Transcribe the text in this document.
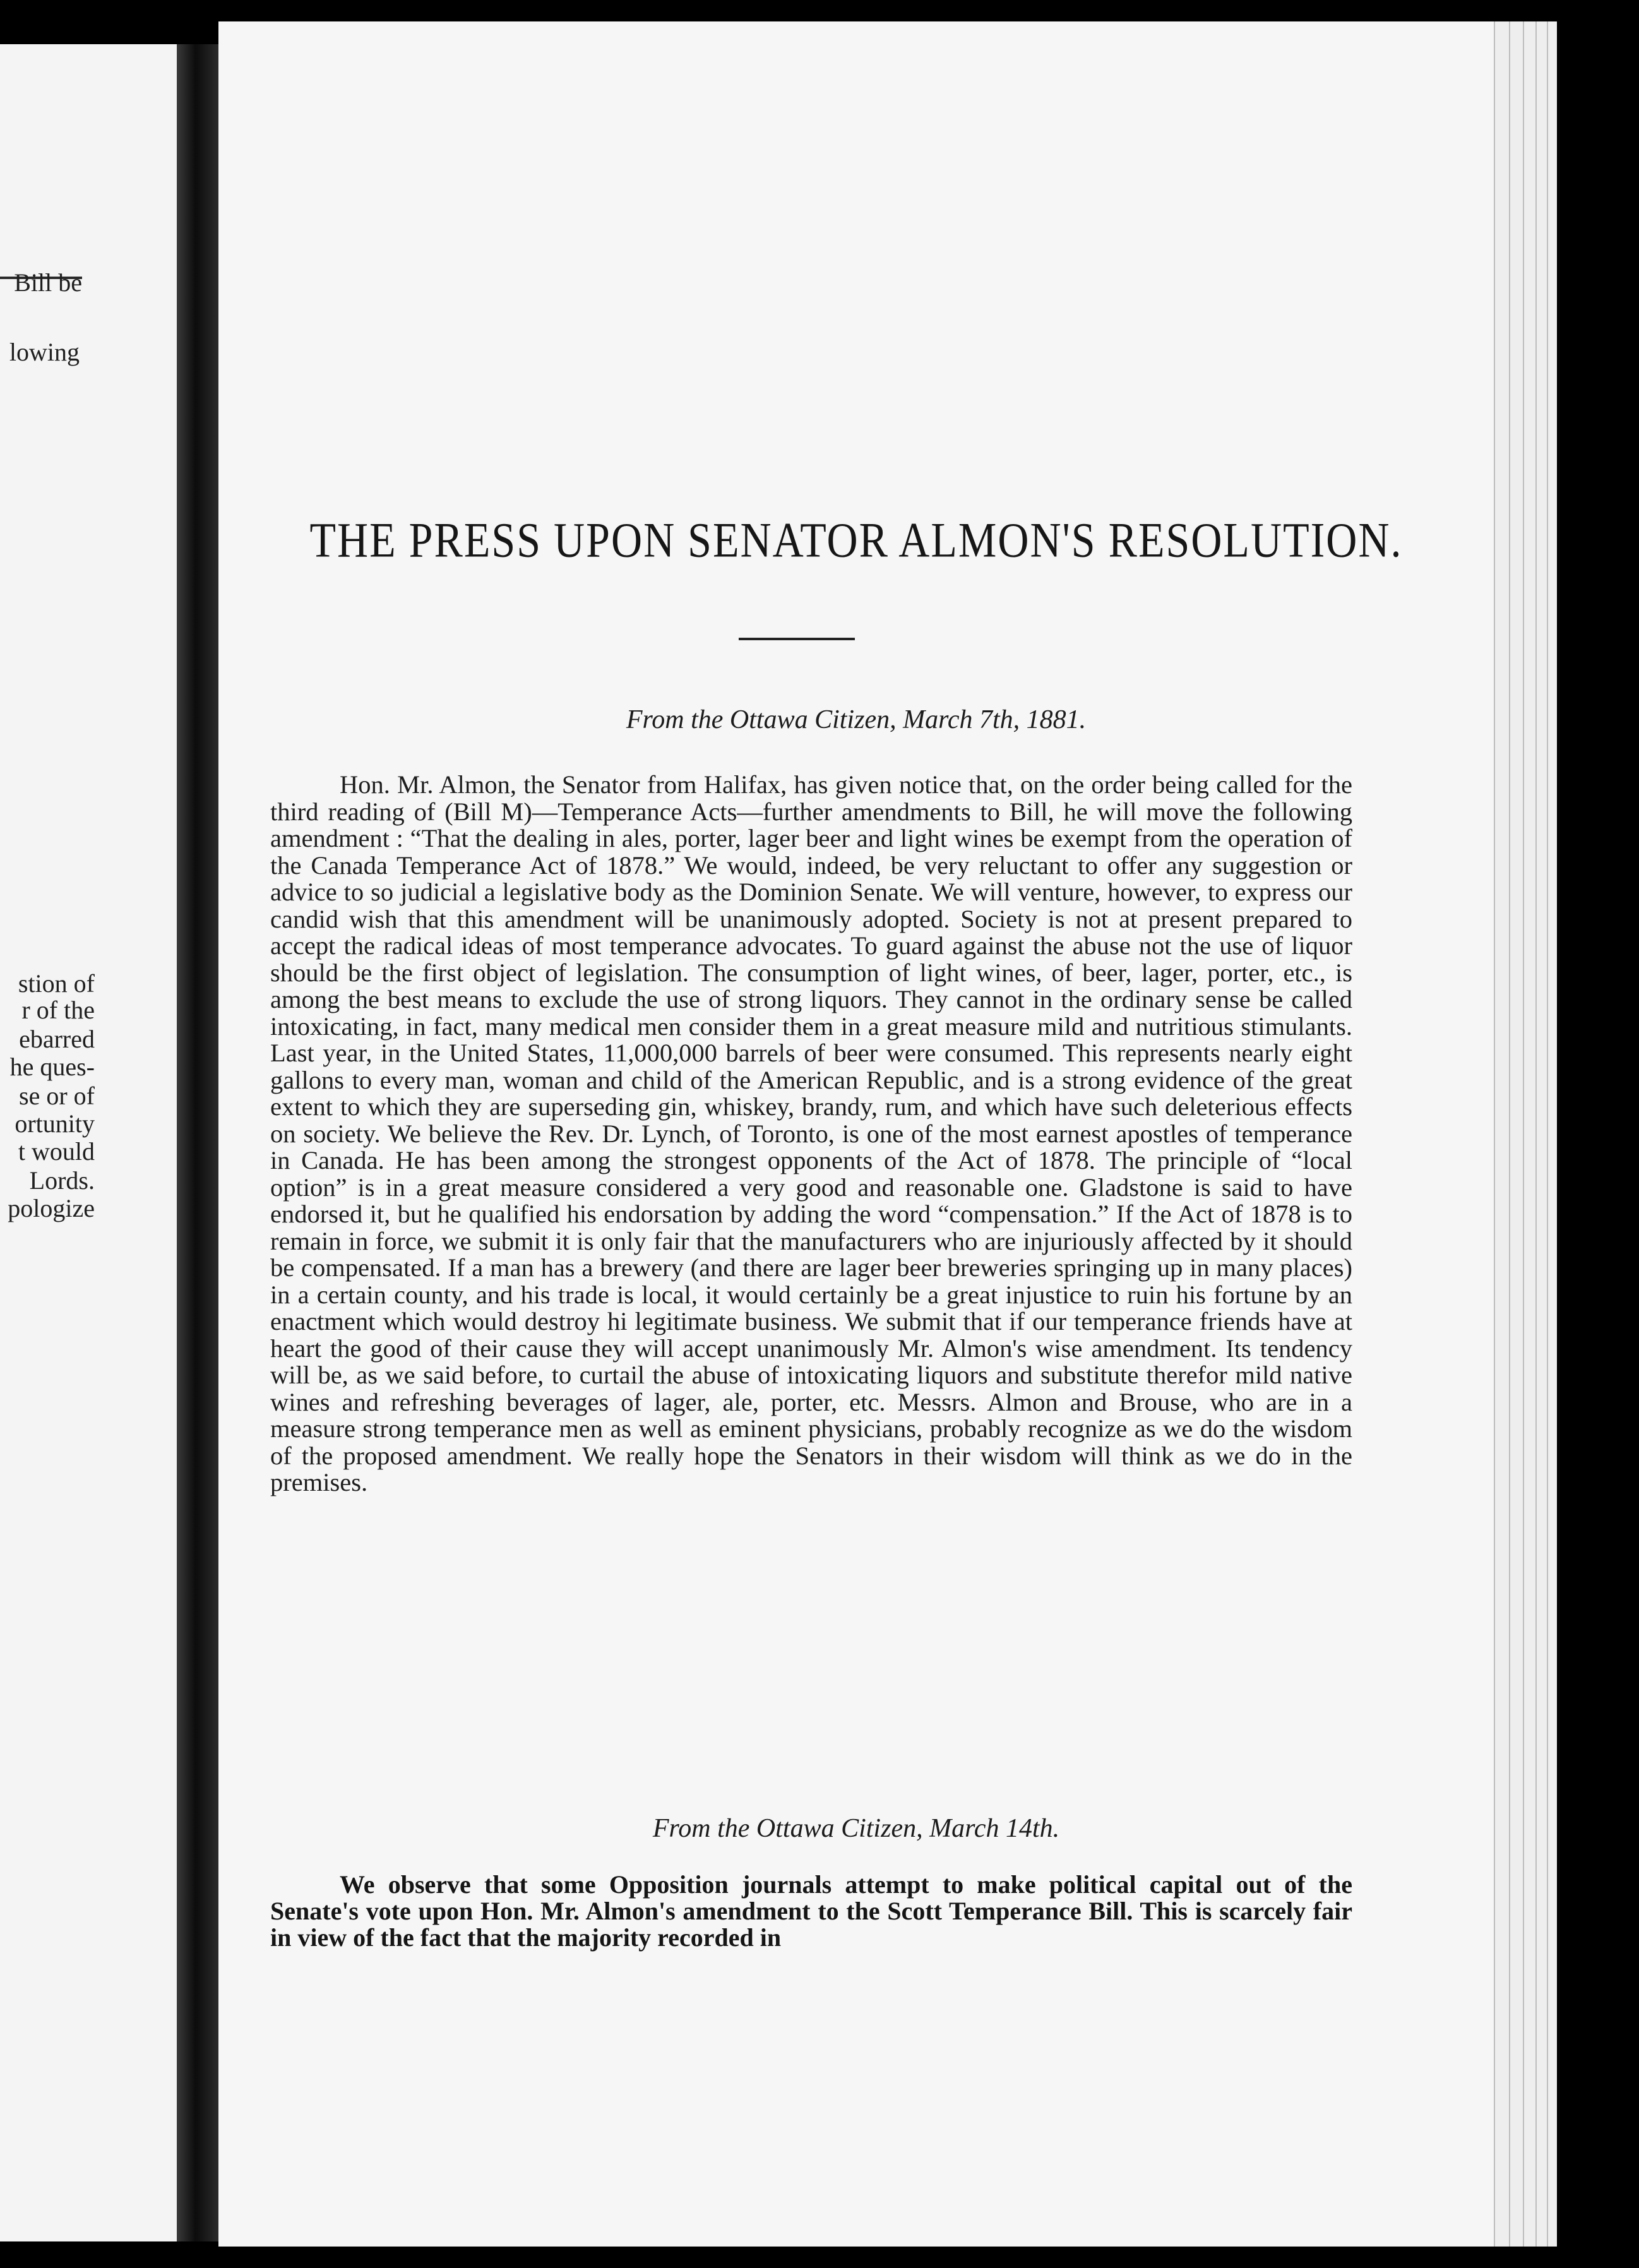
Bill be
lowing
stion of
r of the
ebarred
he ques-
se or of
ortunity
t would
Lords.
pologize
THE PRESS UPON SENATOR ALMON'S RESOLUTION.

From the Ottawa Citizen, March 7th, 1881.

Hon. Mr. Almon, the Senator from Halifax, has given notice that, on the order being called for the third reading of (Bill M)—Temperance Acts—further amendments to Bill, he will move the following amendment : “That the dealing in ales, porter, lager beer and light wines be exempt from the operation of the Canada Temperance Act of 1878.” We would, indeed, be very reluctant to offer any suggestion or advice to so judicial a legislative body as the Dominion Senate. We will venture, however, to express our candid wish that this amendment will be unanimously adopted. Society is not at present prepared to accept the radical ideas of most temperance advocates. To guard against the abuse not the use of liquor should be the first object of legislation. The consumption of light wines, of beer, lager, porter, etc., is among the best means to exclude the use of strong liquors. They cannot in the ordinary sense be called intoxicating, in fact, many medical men consider them in a great measure mild and nutritious stimulants. Last year, in the United States, 11,000,000 barrels of beer were consumed. This represents nearly eight gallons to every man, woman and child of the American Republic, and is a strong evidence of the great extent to which they are superseding gin, whiskey, brandy, rum, and which have such deleterious effects on society. We believe the Rev. Dr. Lynch, of Toronto, is one of the most earnest apostles of temperance in Canada. He has been among the strongest opponents of the Act of 1878. The principle of “local option” is in a great measure considered a very good and reasonable one. Gladstone is said to have endorsed it, but he qualified his endorsation by adding the word “compensation.” If the Act of 1878 is to remain in force, we submit it is only fair that the manufacturers who are injuriously affected by it should be compensated. If a man has a brewery (and there are lager beer breweries springing up in many places) in a certain county, and his trade is local, it would certainly be a great injustice to ruin his fortune by an enactment which would destroy hi legitimate business. We submit that if our temperance friends have at heart the good of their cause they will accept unanimously Mr. Almon's wise amendment. Its tendency will be, as we said before, to curtail the abuse of intoxicating liquors and substitute therefor mild native wines and refreshing beverages of lager, ale, porter, etc. Messrs. Almon and Brouse, who are in a measure strong temperance men as well as eminent physicians, probably recognize as we do the wisdom of the proposed amendment. We really hope the Senators in their wisdom will think as we do in the premises.

From the Ottawa Citizen, March 14th.

We observe that some Opposition journals attempt to make political capital out of the Senate's vote upon Hon. Mr. Almon's amendment to the Scott Temperance Bill. This is scarcely fair in view of the fact that the majority recorded in
